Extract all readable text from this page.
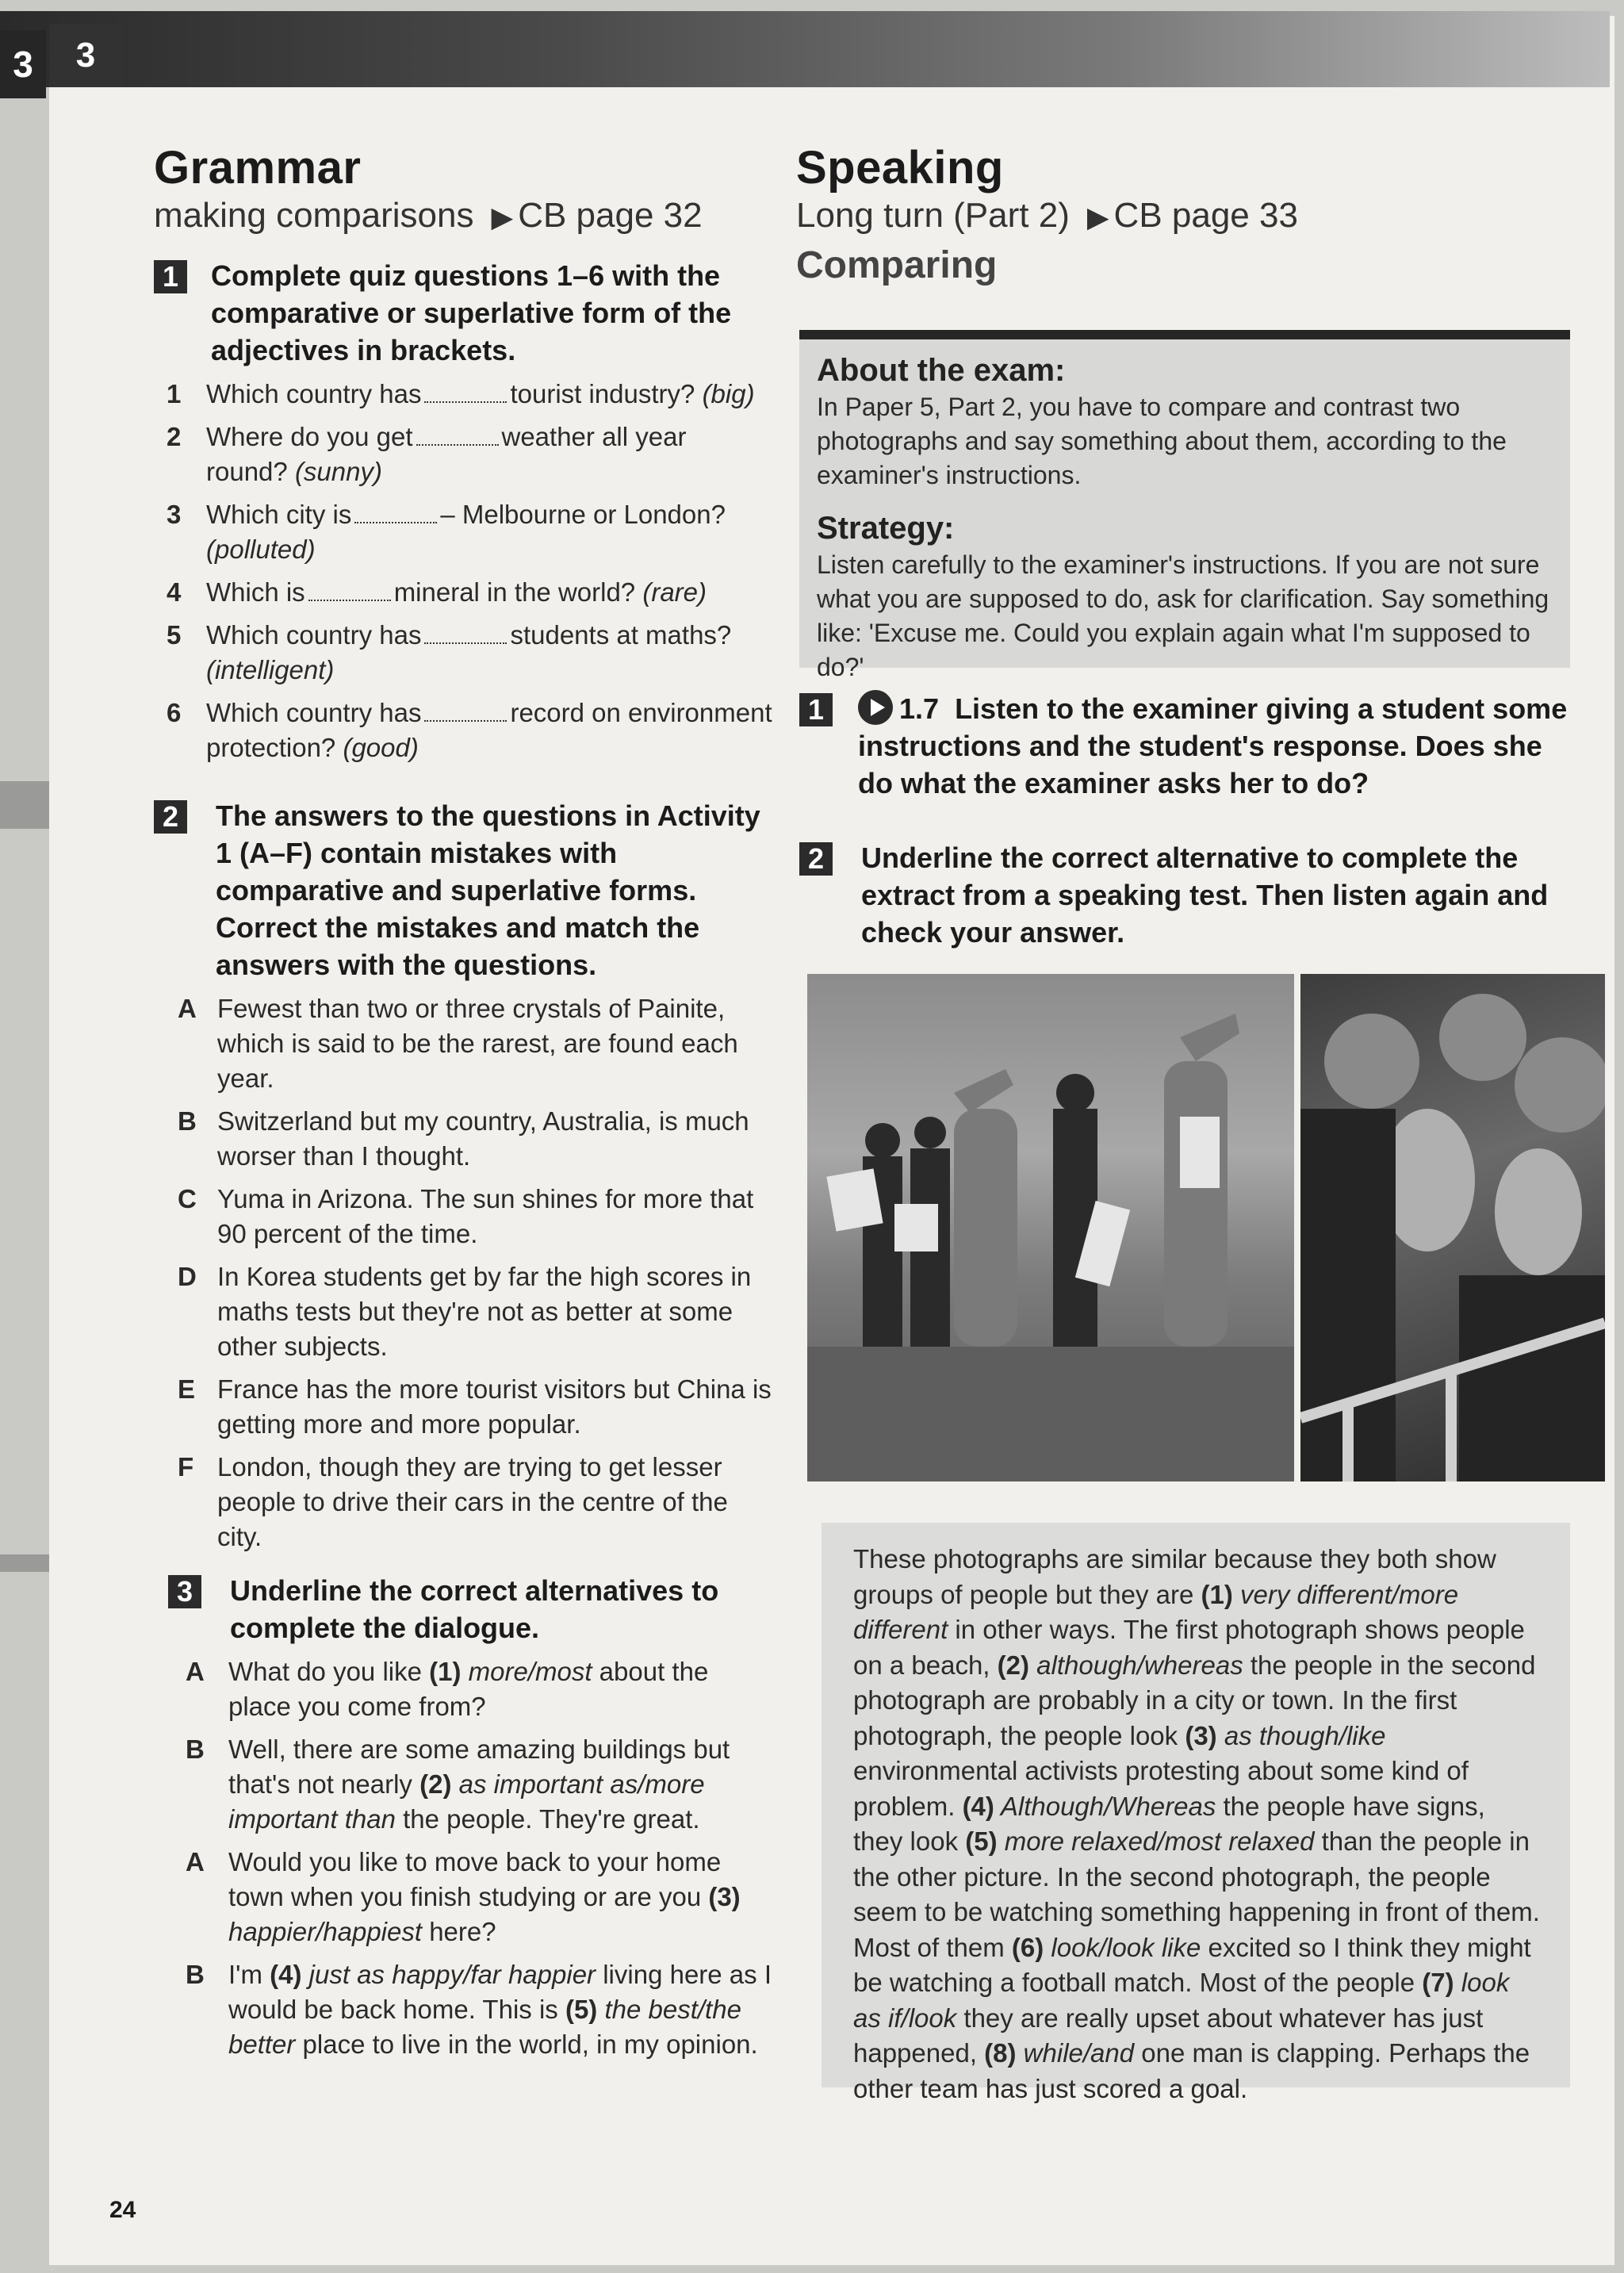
3	3
Grammar
making comparisons ▶ CB page 32
1	Complete quiz questions 1–6 with the comparative or superlative form of the adjectives in brackets.
1 Which country has	tourist industry? (big)
2 Where do you get	weather all year round? (sunny)
3 Which city is	– Melbourne or London? (polluted)
4 Which is	mineral in the world? (rare)
5 Which country has	students at maths? (intelligent)
6 Which country has	record on environment protection? (good)
2	The answers to the questions in Activity 1 (A–F) contain mistakes with comparative and superlative forms. Correct the mistakes and match the answers with the questions.
A Fewest than two or three crystals of Painite, which is said to be the rarest, are found each year.
B Switzerland but my country, Australia, is much worser than I thought.
C Yuma in Arizona. The sun shines for more that 90 percent of the time.
D In Korea students get by far the high scores in maths tests but they're not as better at some other subjects.
E France has the more tourist visitors but China is getting more and more popular.
F London, though they are trying to get lesser people to drive their cars in the centre of the city.
3	Underline the correct alternatives to complete the dialogue.
A What do you like (1) more/most about the place you come from?
B Well, there are some amazing buildings but that's not nearly (2) as important as/more important than the people. They're great.
A Would you like to move back to your home town when you finish studying or are you (3) happier/happiest here?
B I'm (4) just as happy/far happier living here as I would be back home. This is (5) the best/the better place to live in the world, in my opinion.
Speaking
Long turn (Part 2) ▶ CB page 33
Comparing
About the exam:
In Paper 5, Part 2, you have to compare and contrast two photographs and say something about them, according to the examiner's instructions.
Strategy:
Listen carefully to the examiner's instructions. If you are not sure what you are supposed to do, ask for clarification. Say something like: 'Excuse me. Could you explain again what I'm supposed to do?'
1	1.7 Listen to the examiner giving a student some instructions and the student's response. Does she do what the examiner asks her to do?
2	Underline the correct alternative to complete the extract from a speaking test. Then listen again and check your answer.
These photographs are similar because they both show groups of people but they are (1) very different/more different in other ways. The first photograph shows people on a beach, (2) although/whereas the people in the second photograph are probably in a city or town. In the first photograph, the people look (3) as though/like environmental activists protesting about some kind of problem. (4) Although/Whereas the people have signs, they look (5) more relaxed/most relaxed than the people in the other picture. In the second photograph, the people seem to be watching something happening in front of them. Most of them (6) look/look like excited so I think they might be watching a football match. Most of the people (7) look as if/look they are really upset about whatever has just happened, (8) while/and one man is clapping. Perhaps the other team has just scored a goal.
24
